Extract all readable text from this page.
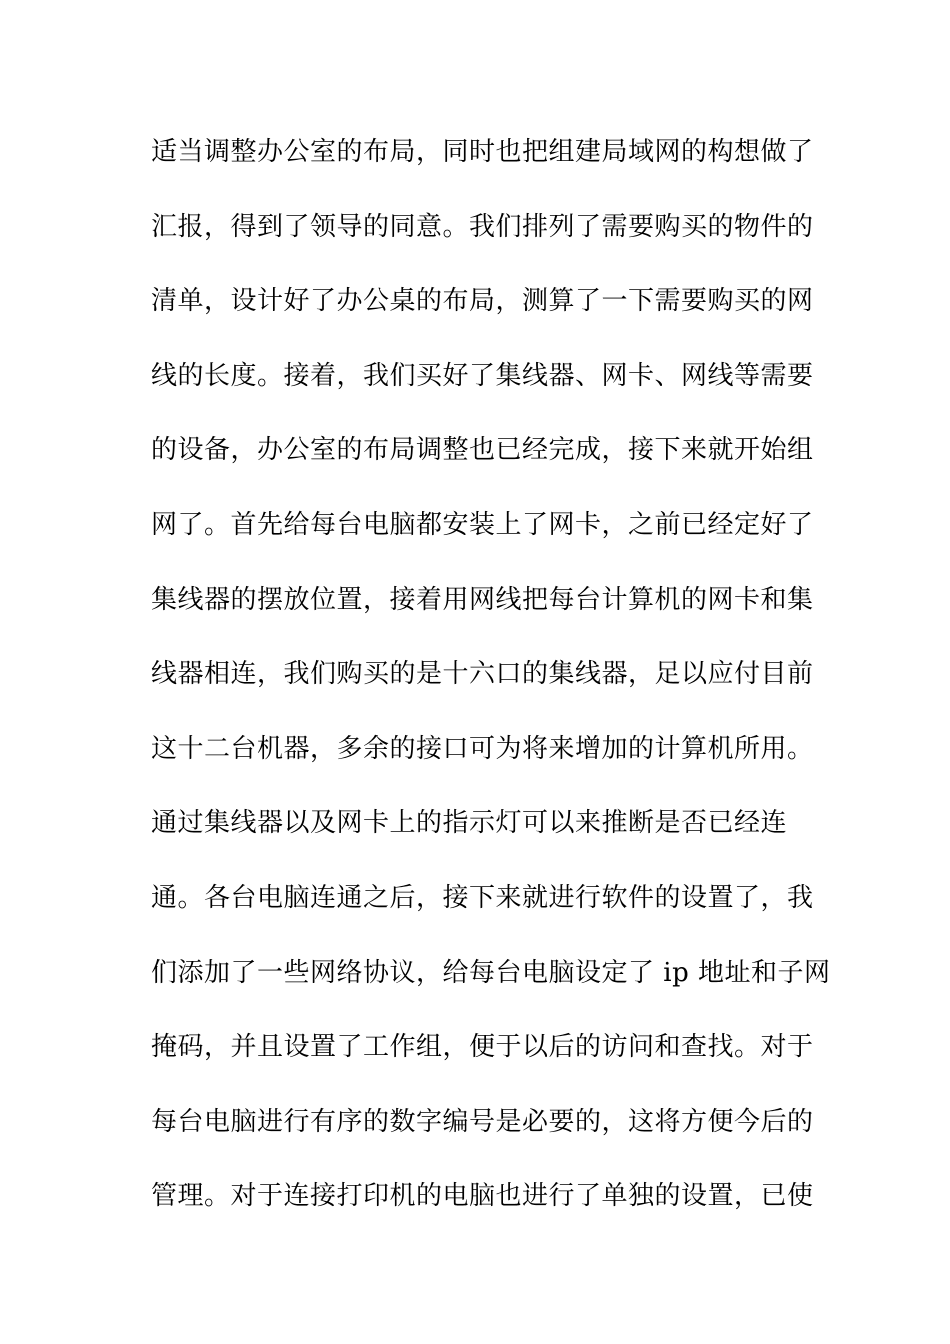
适当调整办公室的布局，同时也把组建局域网的构想做了
汇报，得到了领导的同意。我们排列了需要购买的物件的
清单，设计好了办公桌的布局，测算了一下需要购买的网
线的长度。接着，我们买好了集线器、网卡、网线等需要
的设备，办公室的布局调整也已经完成，接下来就开始组
网了。首先给每台电脑都安装上了网卡，之前已经定好了
集线器的摆放位置，接着用网线把每台计算机的网卡和集
线器相连，我们购买的是十六口的集线器，足以应付目前
这十二台机器，多余的接口可为将来增加的计算机所用。
通过集线器以及网卡上的指示灯可以来推断是否已经连
通。各台电脑连通之后，接下来就进行软件的设置了，我
们添加了一些网络协议，给每台电脑设定了 ip 地址和子网
掩码，并且设置了工作组，便于以后的访问和查找。对于
每台电脑进行有序的数字编号是必要的，这将方便今后的
管理。对于连接打印机的电脑也进行了单独的设置，已使
